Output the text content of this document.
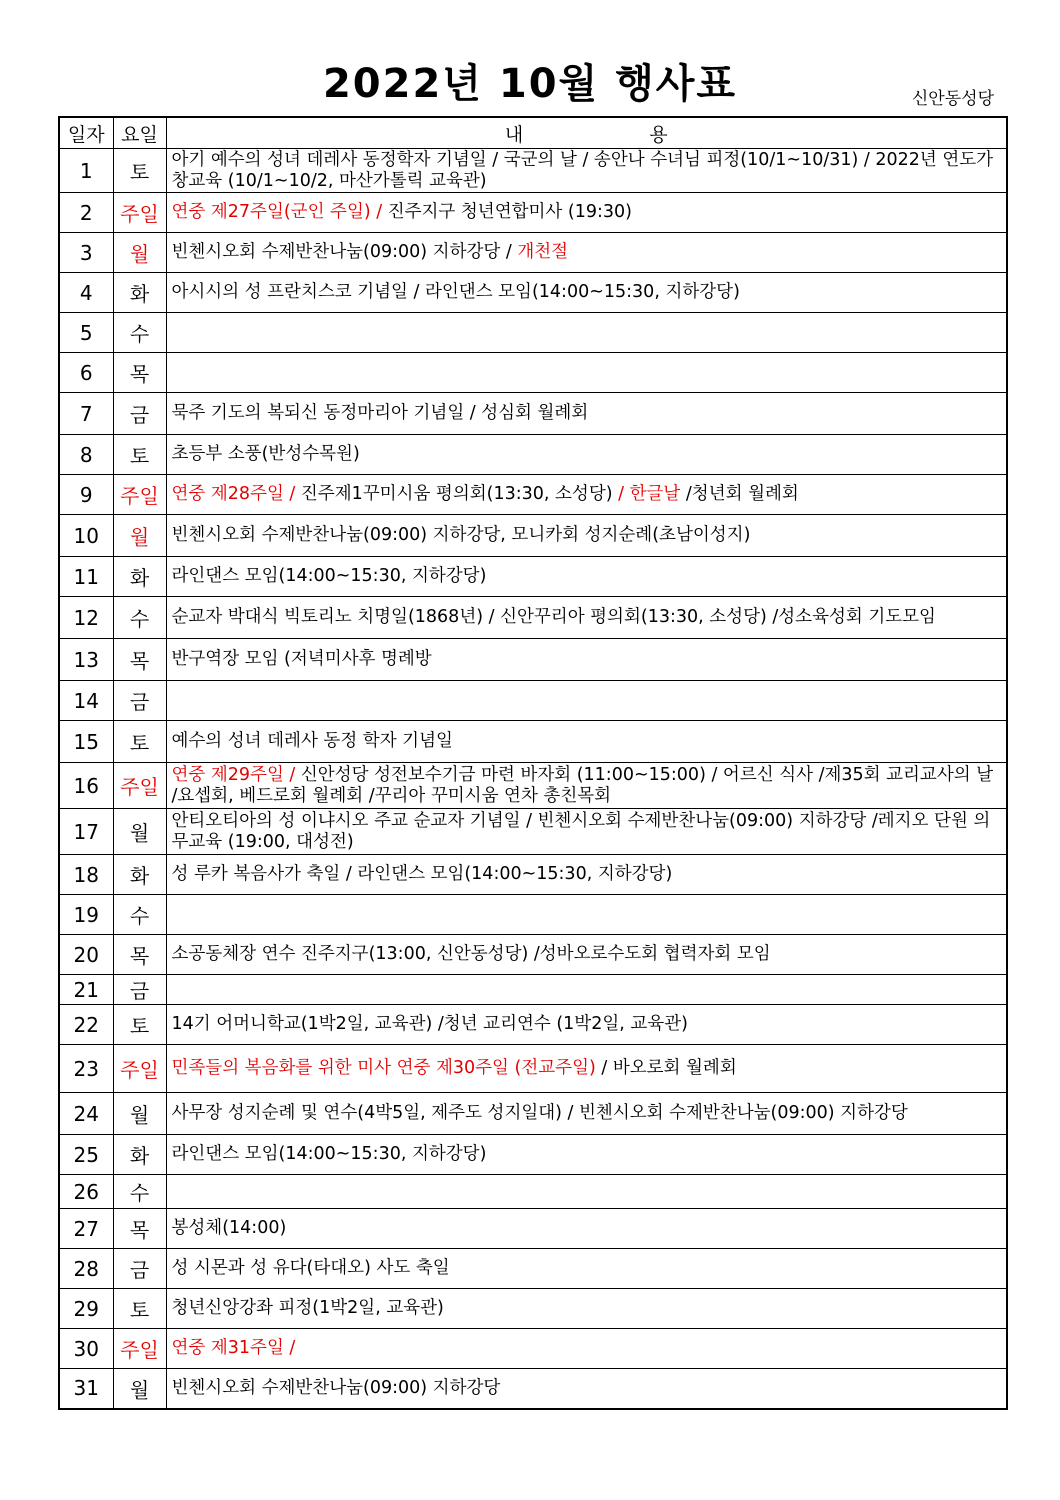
2022년 10월 행사표	신안동성당
일자	요일	내 용
1	토	아기 예수의 성녀 데레사 동정학자 기념일 / 국군의 날 / 송안나 수녀님 피정(10/1~10/31) / 2022년 연도가창교육 (10/1~10/2, 마산가톨릭 교육관)
2	주일	연중 제27주일(군인 주일) / 진주지구 청년연합미사 (19:30)
3	월	빈첸시오회 수제반찬나눔(09:00) 지하강당 / 개천절
4	화	아시시의 성 프란치스코 기념일 / 라인댄스 모임(14:00~15:30, 지하강당)
5	수	
6	목	
7	금	묵주 기도의 복되신 동정마리아 기념일 / 성심회 월례회
8	토	초등부 소풍(반성수목원)
9	주일	연중 제28주일 / 진주제1꾸미시움 평의회(13:30, 소성당) / 한글날 /청년회 월례회
10	월	빈첸시오회 수제반찬나눔(09:00) 지하강당, 모니카회 성지순례(초남이성지)
11	화	라인댄스 모임(14:00~15:30, 지하강당)
12	수	순교자 박대식 빅토리노 치명일(1868년) / 신안꾸리아 평의회(13:30, 소성당) /성소육성회 기도모임
13	목	반구역장 모임 (저녁미사후 명례방
14	금	
15	토	예수의 성녀 데레사 동정 학자 기념일
16	주일	연중 제29주일 / 신안성당 성전보수기금 마련 바자회 (11:00~15:00) / 어르신 식사 /제35회 교리교사의 날 /요셉회, 베드로회 월례회 /꾸리아 꾸미시움 연차 총친목회
17	월	안티오티아의 성 이냐시오 주교 순교자 기념일 / 빈첸시오회 수제반찬나눔(09:00) 지하강당 /레지오 단원 의무교육 (19:00, 대성전)
18	화	성 루카 복음사가 축일 / 라인댄스 모임(14:00~15:30, 지하강당)
19	수	
20	목	소공동체장 연수 진주지구(13:00, 신안동성당) /성바오로수도회 협력자회 모임
21	금	
22	토	14기 어머니학교(1박2일, 교육관) /청년 교리연수 (1박2일, 교육관)
23	주일	민족들의 복음화를 위한 미사 연중 제30주일 (전교주일) / 바오로회 월례회
24	월	사무장 성지순례 및 연수(4박5일, 제주도 성지일대) / 빈첸시오회 수제반찬나눔(09:00) 지하강당
25	화	라인댄스 모임(14:00~15:30, 지하강당)
26	수	
27	목	봉성체(14:00)
28	금	성 시몬과 성 유다(타대오) 사도 축일
29	토	청년신앙강좌 피정(1박2일, 교육관)
30	주일	연중 제31주일 /
31	월	빈첸시오회 수제반찬나눔(09:00) 지하강당
